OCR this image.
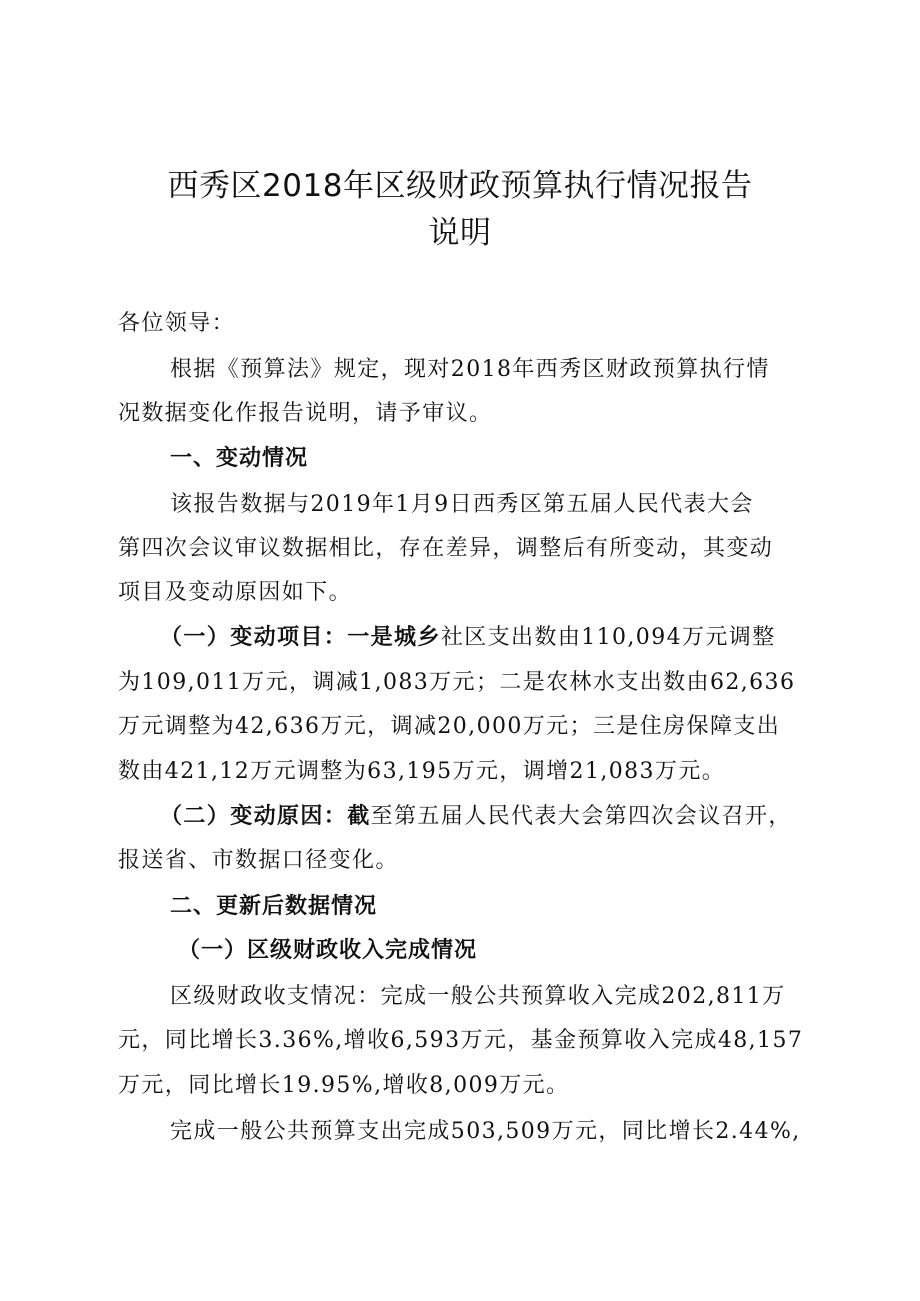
西秀区2018年区级财政预算执行情况报告
说明
各位领导：
根据《预算法》规定，现对2018年西秀区财政预算执行情
况数据变化作报告说明，请予审议。
一、变动情况
该报告数据与2019年1月9日西秀区第五届人民代表大会
第四次会议审议数据相比，存在差异，调整后有所变动，其变动
项目及变动原因如下。
（一）变动项目：一是城乡社区支出数由110,094万元调整
为109,011万元，调减1,083万元；二是农林水支出数由62,636
万元调整为42,636万元，调减20,000万元；三是住房保障支出
数由421,12万元调整为63,195万元，调增21,083万元。
（二）变动原因：截至第五届人民代表大会第四次会议召开，
报送省、市数据口径变化。
二、更新后数据情况
（一）区级财政收入完成情况
区级财政收支情况：完成一般公共预算收入完成202,811万
元，同比增长3.36%,增收6,593万元，基金预算收入完成48,157
万元，同比增长19.95%,增收8,009万元。
完成一般公共预算支出完成503,509万元，同比增长2.44%,
